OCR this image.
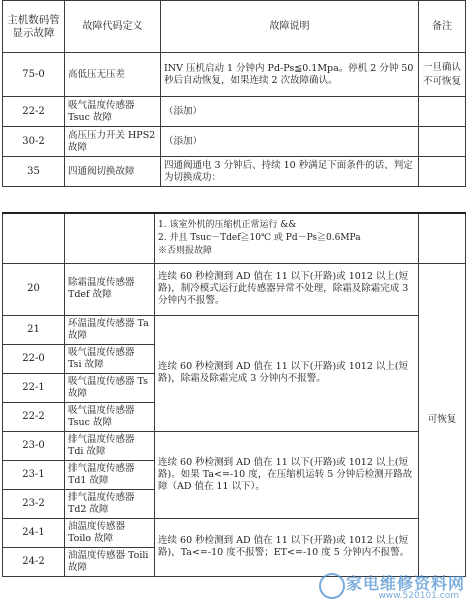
主机数码管显示故障	故障代码定义	故障说明	备注
75-0	高低压无压差	INV 压机启动 1 分钟内 Pd-Ps≦0.1Mpa。停机 2 分钟 50 秒后自动恢复，如果连续 2 次故障确认。	一旦确认不可恢复
22-2	吸气温度传感器 Tsuc 故障	（添加）	
30-2	高压压力开关 HPS2 故障	（添加）	
35	四通阀切换故障	四通阀通电 3 分钟后、持续 10 秒满足下面条件的话、判定为切换成功：	

		1. 该室外机的压缩机正常运行 &&
2. 并且 Tsuc－Tdef≧10℃ 或 Pd－Ps≧0.6MPa
※否则报故障	

20	除霜温度传感器 Tdef 故障	连续 60 秒检测到 AD 值在 11 以下(开路)或 1012 以上(短路)，制冷模式运行此传感器异常不处理，除霜及除霜完成 3 分钟内不报警。	可恢复
21	环温温度传感器 Ta 故障	连续 60 秒检测到 AD 值在 11 以下(开路)或 1012 以上(短路)，除霜及除霜完成 3 分钟内不报警。	
22-0	吸气温度传感器 Tsi 故障		
22-1	吸气温度传感器 Ts 故障		
22-2	吸气温度传感器 Tsuc 故障		
23-0	排气温度传感器 Tdi 故障	连续 60 秒检测到 AD 值在 11 以下(开路)或 1012 以上(短路)。如果 Ta<=-10 度，在压缩机运转 5 分钟后检测开路故障（AD 值在 11 以下）。	
23-1	排气温度传感器 Td1 故障		
23-2	排气温度传感器 Td2 故障		
24-1	油温度传感器 Toilo 故障	连续 60 秒检测到 AD 值在 11 以下(开路)或 1012 以上(短路)，Ta<=-10 度不报警；ET<=-10 度 5 分钟内不报警。	
24-2	油温度传感器 Toili 故障		
家电维修资料网
www.520101.com
